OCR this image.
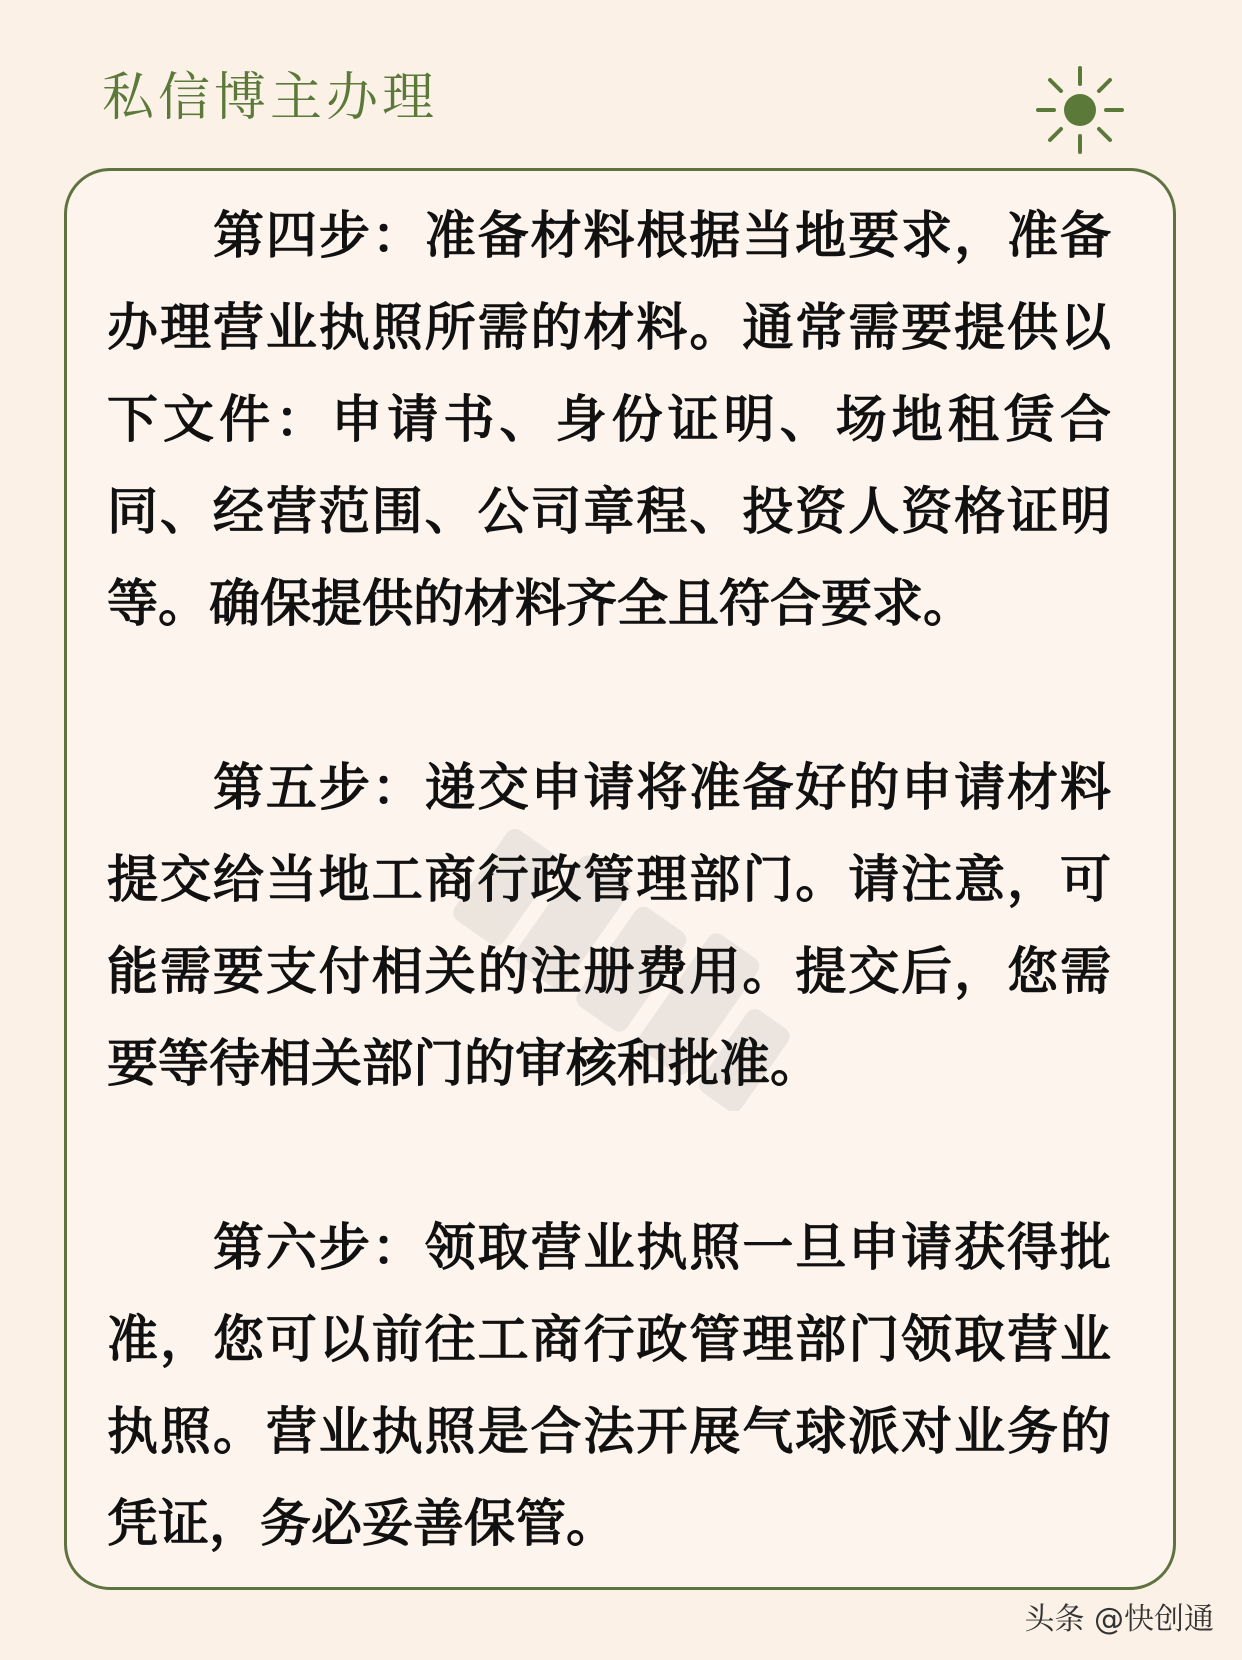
私信博主办理

第四步：准备材料根据当地要求，准备办理营业执照所需的材料。通常需要提供以下文件：申请书、身份证明、场地租赁合同、经营范围、公司章程、投资人资格证明等。确保提供的材料齐全且符合要求。

第五步：递交申请将准备好的申请材料提交给当地工商行政管理部门。请注意，可能需要支付相关的注册费用。提交后，您需要等待相关部门的审核和批准。

第六步：领取营业执照一旦申请获得批准，您可以前往工商行政管理部门领取营业执照。营业执照是合法开展气球派对业务的凭证，务必妥善保管。

头条 @快创通
